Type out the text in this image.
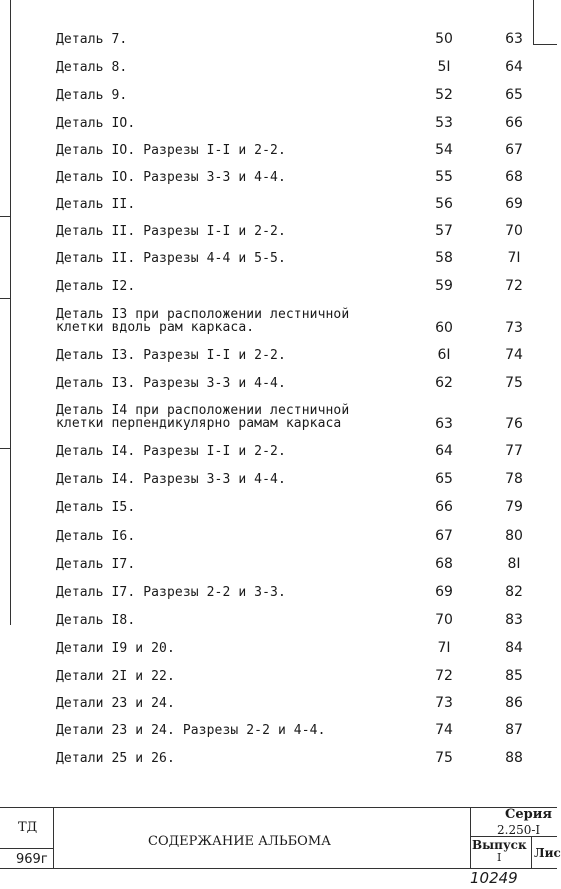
Деталь 7.	50	63
Деталь 8.	5I	64
Деталь 9.	52	65
Деталь IO.	53	66
Деталь IO. Разрезы I-I и 2-2.	54	67
Деталь IO. Разрезы 3-3 и 4-4.	55	68
Деталь II.	56	69
Деталь II. Разрезы I-I и 2-2.	57	70
Деталь II. Разрезы 4-4 и 5-5.	58	7I
Деталь I2.	59	72
Деталь I3 при расположении лестничной
клетки вдоль рам каркаса.	60	73
Деталь I3. Разрезы I-I и 2-2.	6I	74
Деталь I3. Разрезы 3-3 и 4-4.	62	75
Деталь I4 при расположении лестничной
клетки перпендикулярно рамам каркаса	63	76
Деталь I4. Разрезы I-I и 2-2.	64	77
Деталь I4. Разрезы 3-3 и 4-4.	65	78
Деталь I5.	66	79
Деталь I6.	67	80
Деталь I7.	68	8I
Деталь I7. Разрезы 2-2 и 3-3.	69	82
Деталь I8.	70	83
Детали I9 и 20.	7I	84
Детали 2I и 22.	72	85
Детали 23 и 24.	73	86
Детали 23 и 24. Разрезы 2-2 и 4-4.	74	87
Детали 25 и 26.	75	88
ТД
969г
СОДЕРЖАНИЕ АЛЬБОМА
Серия
2.250-I
Выпуск
I	Лис
10249
